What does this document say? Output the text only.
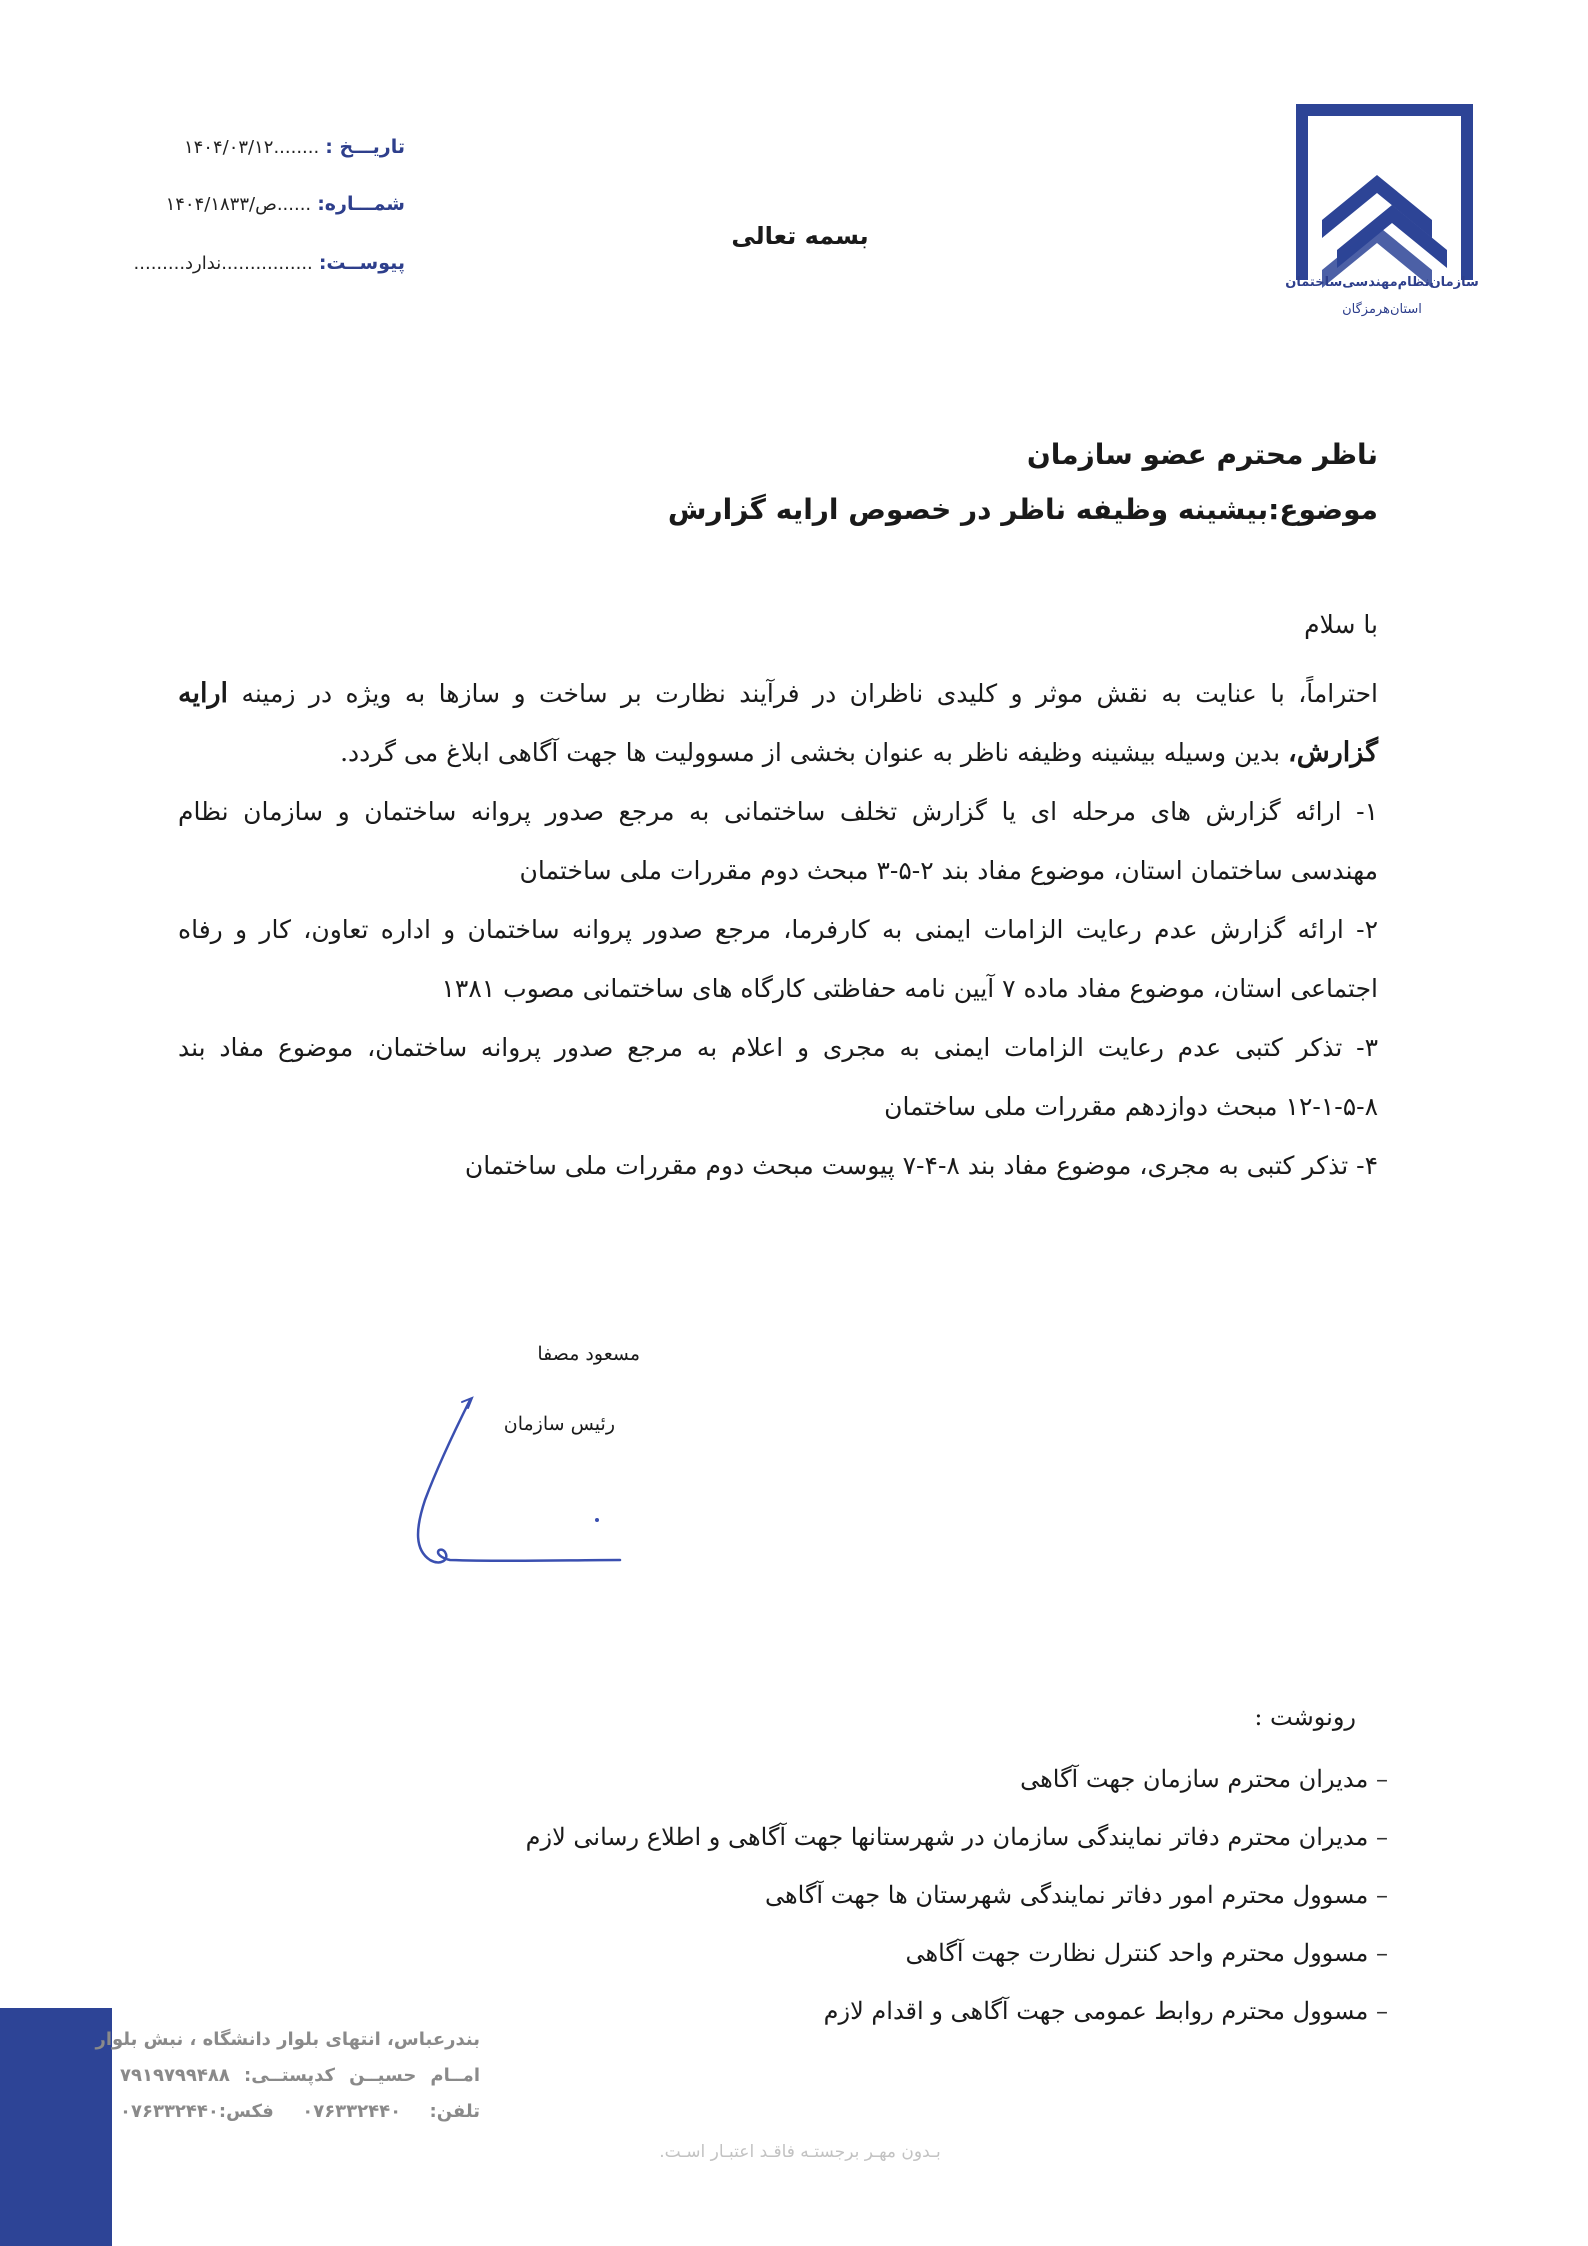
تاریـــخ : ........۱۴۰۴/۰۳/۱۲
شمـــاره: ......ص/۱۴۰۴/۱۸۳۳
پیوســت: ................ندارد.........
بسمه تعالی
سازمان‌نظام‌مهندسی‌ساختمان
استان‌هرمزگان
ناظر محترم عضو سازمان
موضوع:بیشینه وظیفه ناظر در خصوص ارایه گزارش
با سلام
احتراماً، با عنایت به نقش موثر و کلیدی ناظران در فرآیند نظارت بر ساخت و سازها به ویژه در زمینه ارایه
گزارش، بدین وسیله بیشینه وظیفه ناظر به عنوان بخشی از مسوولیت ها جهت آگاهی ابلاغ می گردد.
۱- ارائه گزارش های مرحله ای یا گزارش تخلف ساختمانی به مرجع صدور پروانه ساختمان و سازمان نظام
مهندسی ساختمان استان، موضوع مفاد بند ۲-۵-۳ مبحث دوم مقررات ملی ساختمان
۲- ارائه گزارش عدم رعایت الزامات ایمنی به کارفرما، مرجع صدور پروانه ساختمان و اداره تعاون، کار و رفاه
اجتماعی استان، موضوع مفاد ماده ۷ آیین نامه حفاظتی کارگاه های ساختمانی مصوب ۱۳۸۱
۳- تذکر کتبی عدم رعایت الزامات ایمنی به مجری و اعلام به مرجع صدور پروانه ساختمان، موضوع مفاد بند
۱۲-۱-۵-۸ مبحث دوازدهم مقررات ملی ساختمان
۴- تذکر کتبی به مجری، موضوع مفاد بند ۸-۴-۷ پیوست مبحث دوم مقررات ملی ساختمان
مسعود مصفا
رئیس سازمان
رونوشت :
– مدیران محترم سازمان جهت آگاهی
– مدیران محترم دفاتر نمایندگی سازمان در شهرستانها جهت آگاهی و اطلاع رسانی لازم
– مسوول محترم امور دفاتر نمایندگی شهرستان ها جهت آگاهی
– مسوول محترم واحد کنترل نظارت جهت آگاهی
– مسوول محترم روابط عمومی جهت آگاهی و اقدام لازم
بندرعباس، انتهای بلوار دانشگاه ، نبش بلوار
امــام حسیــن کدپستــی: ۷۹۱۹۷۹۹۴۸۸
تلفن: ۰۷۶۳۳۲۴۴۰ فکس:۰۷۶۳۳۲۴۴۰
بـدون مهـر برجستـه فاقـد اعتبـار اسـت.
